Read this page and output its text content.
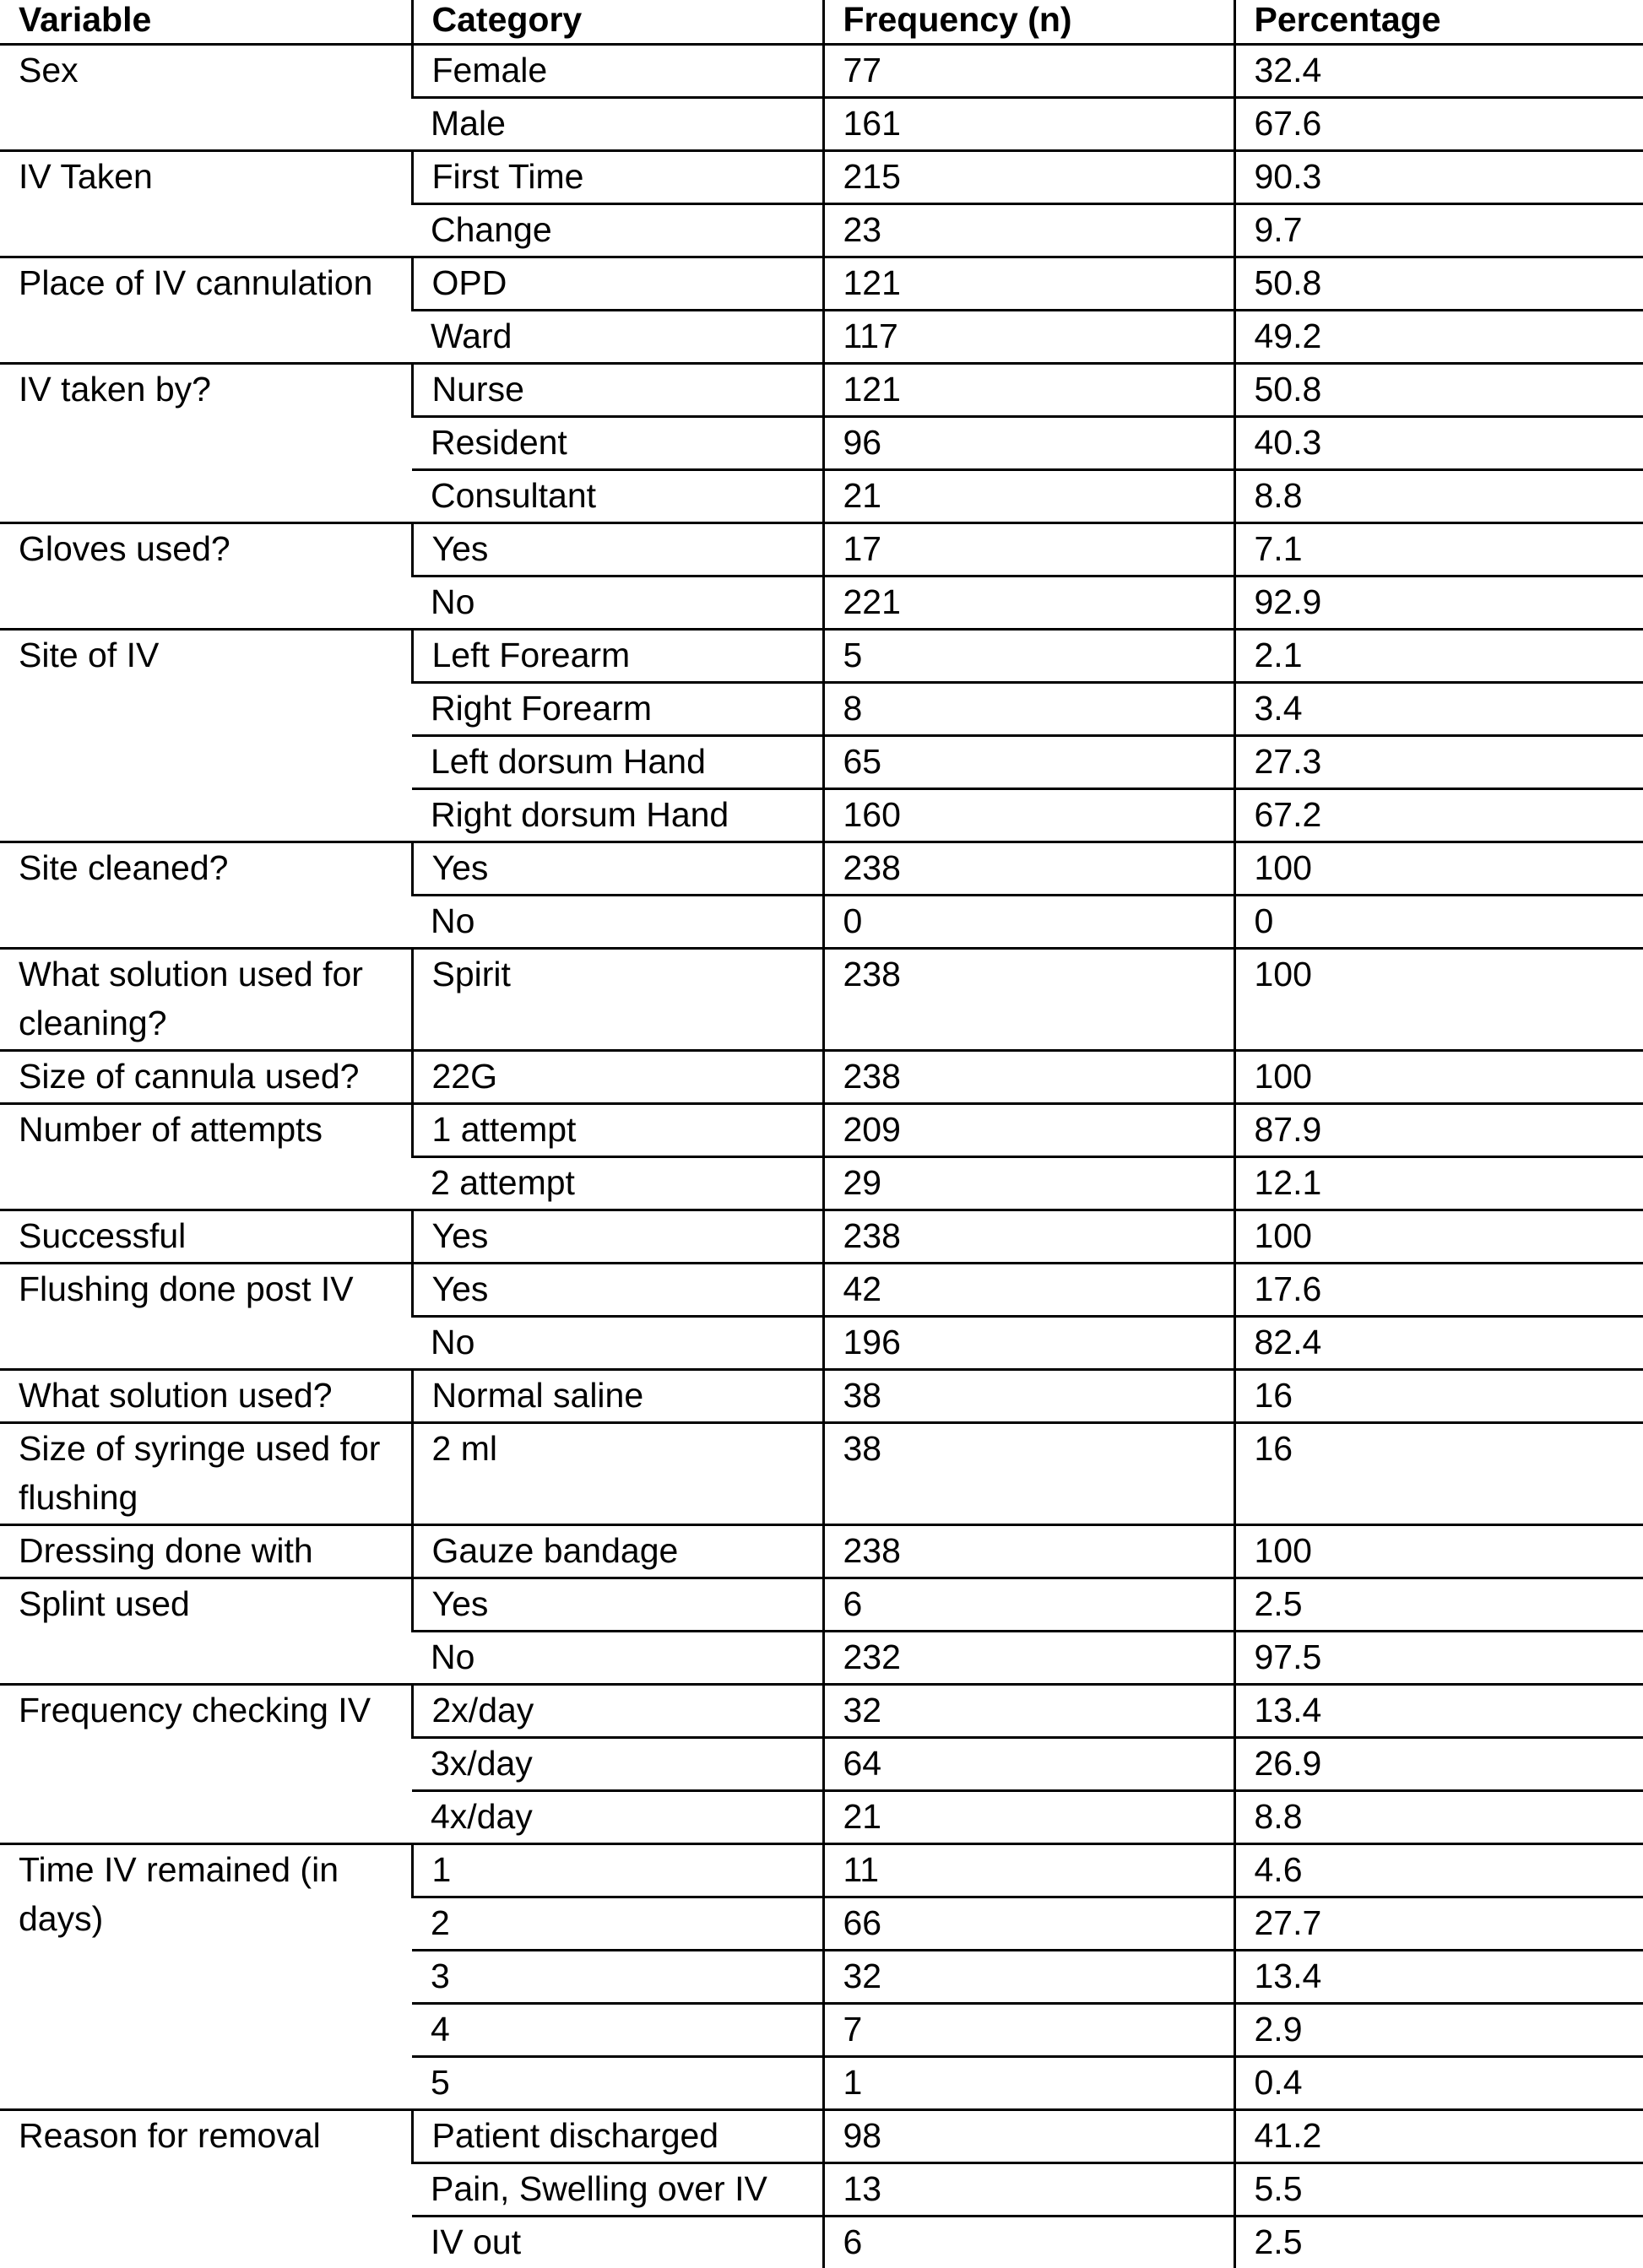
Variable	Category	Frequency (n)	Percentage
Sex	Female	77	32.4
	Male	161	67.6
IV Taken	First Time	215	90.3
	Change	23	9.7
Place of IV cannulation	OPD	121	50.8
	Ward	117	49.2
IV taken by?	Nurse	121	50.8
	Resident	96	40.3
	Consultant	21	8.8
Gloves used?	Yes	17	7.1
	No	221	92.9
Site of IV	Left Forearm	5	2.1
	Right Forearm	8	3.4
	Left dorsum Hand	65	27.3
	Right dorsum Hand	160	67.2
Site cleaned?	Yes	238	100
	No	0	0
What solution used for cleaning?	Spirit	238	100
Size of cannula used?	22G	238	100
Number of attempts	1 attempt	209	87.9
	2 attempt	29	12.1
Successful	Yes	238	100
Flushing done post IV	Yes	42	17.6
	No	196	82.4
What solution used?	Normal saline	38	16
Size of syringe used for flushing	2 ml	38	16
Dressing done with	Gauze bandage	238	100
Splint used	Yes	6	2.5
	No	232	97.5
Frequency checking IV	2x/day	32	13.4
	3x/day	64	26.9
	4x/day	21	8.8
Time IV remained (in days)	1	11	4.6
	2	66	27.7
	3	32	13.4
	4	7	2.9
	5	1	0.4
Reason for removal	Patient discharged	98	41.2
	Pain, Swelling over IV	13	5.5
	IV out	6	2.5
